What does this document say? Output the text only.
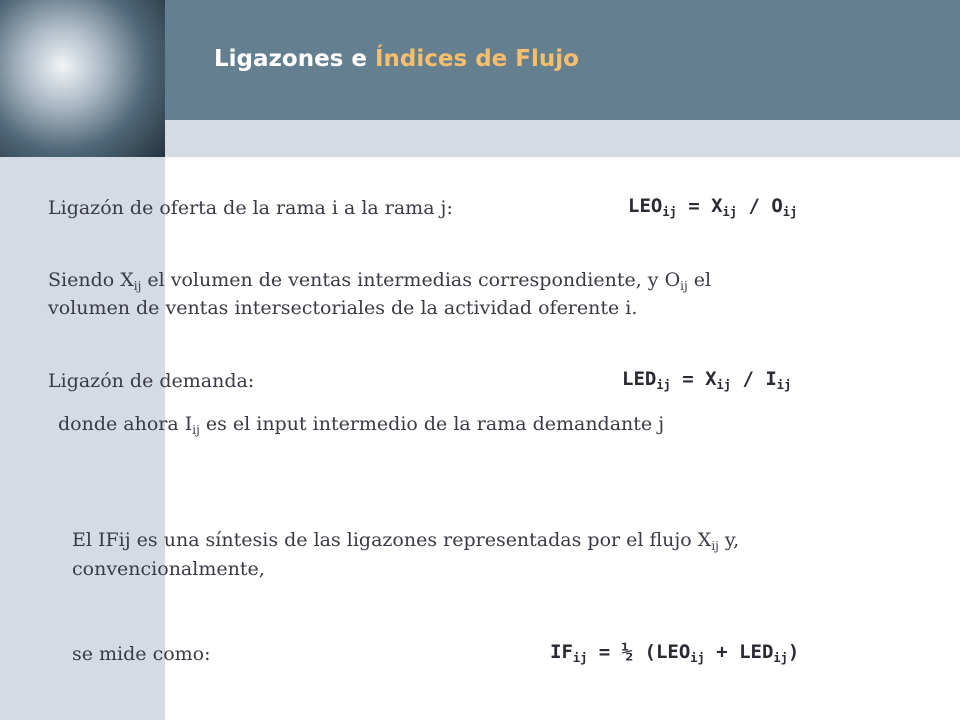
Ligazones e Índices de Flujo

Ligazón de oferta de la rama i a la rama j:	$LEO_{ij} = X_{ij} / O_{ij}$

Siendo $X_{ij}$ el volumen de ventas intermedias correspondiente, y $O_{ij}$ el

volumen de ventas intersectoriales de la actividad oferente i.

Ligazón de demanda:	$LED_{ij} = X_{ij} / I_{ij}$

donde ahora $I_{ij}$ es el input intermedio de la rama demandante j

El IFij es una síntesis de las ligazones representadas por el flujo $X_{ij}$ y,

convencionalmente,

se mide como:	$IF_{ij}$ = ½ $(LEO_{ij} + LED_{ij})$
